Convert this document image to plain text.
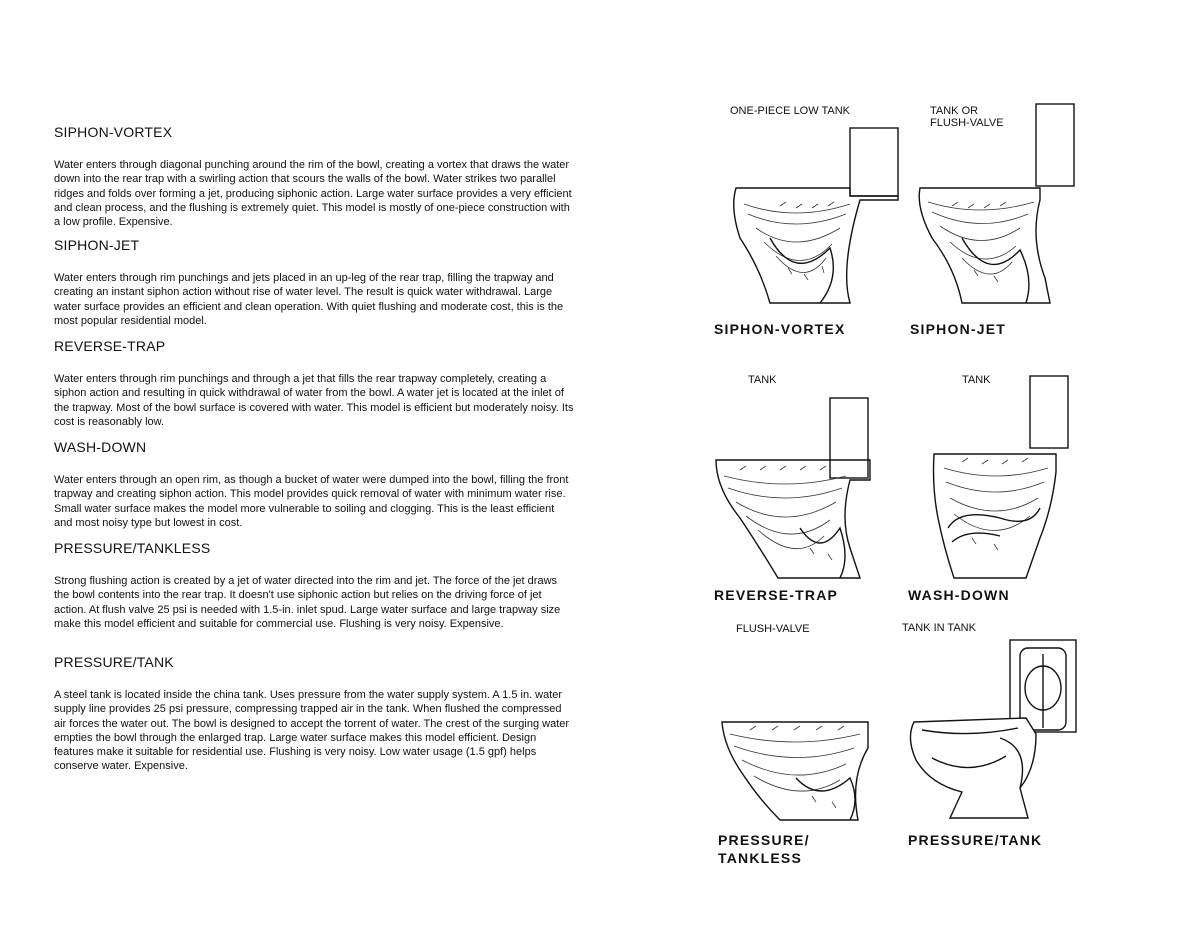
SIPHON-VORTEX

Water enters through diagonal punching around the rim of the bowl, creating a vortex that draws the water down into the rear trap with a swirling action that scours the walls of the bowl. Water strikes two parallel ridges and folds over forming a jet, producing siphonic action. Large water surface provides a very efficient and clean process, and the flushing is extremely quiet. This model is mostly of one-piece construction with a low profile. Expensive.

SIPHON-JET

Water enters through rim punchings and jets placed in an up-leg of the rear trap, filling the trapway and creating an instant siphon action without rise of water level. The result is quick water withdrawal. Large water surface provides an efficient and clean operation. With quiet flushing and moderate cost, this is the most popular residential model.

REVERSE-TRAP

Water enters through rim punchings and through a jet that fills the rear trapway completely, creating a siphon action and resulting in quick withdrawal of water from the bowl. A water jet is located at the inlet of the trapway. Most of the bowl surface is covered with water. This model is efficient but moderately noisy. Its cost is reasonably low.

WASH-DOWN

Water enters through an open rim, as though a bucket of water were dumped into the bowl, filling the front trapway and creating siphon action. This model provides quick removal of water with minimum water rise. Small water surface makes the model more vulnerable to soiling and clogging. This is the least efficient and most noisy type but lowest in cost.

PRESSURE/TANKLESS

Strong flushing action is created by a jet of water directed into the rim and jet. The force of the jet draws the bowl contents into the rear trap. It doesn't use siphonic action but relies on the driving force of jet action. At flush valve 25 psi is needed with 1.5-in. inlet spud. Large water surface and large trapway size make this model efficient and suitable for commercial use. Flushing is very noisy. Expensive.

PRESSURE/TANK

A steel tank is located inside the china tank. Uses pressure from the water supply system. A 1.5 in. water supply line provides 25 psi pressure, compressing trapped air in the tank. When flushed the compressed air forces the water out. The bowl is designed to accept the torrent of water. The crest of the surging water empties the bowl through the enlarged trap. Large water surface makes this model efficient. Design features make it suitable for residential use. Flushing is very noisy. Low water usage (1.5 gpf) helps conserve water. Expensive.

ONE-PIECE LOW TANK
SIPHON-VORTEX
TANK OR
FLUSH-VALVE
SIPHON-JET
TANK
REVERSE-TRAP
TANK
WASH-DOWN
FLUSH-VALVE
PRESSURE/
TANKLESS
TANK IN TANK
PRESSURE/TANK
